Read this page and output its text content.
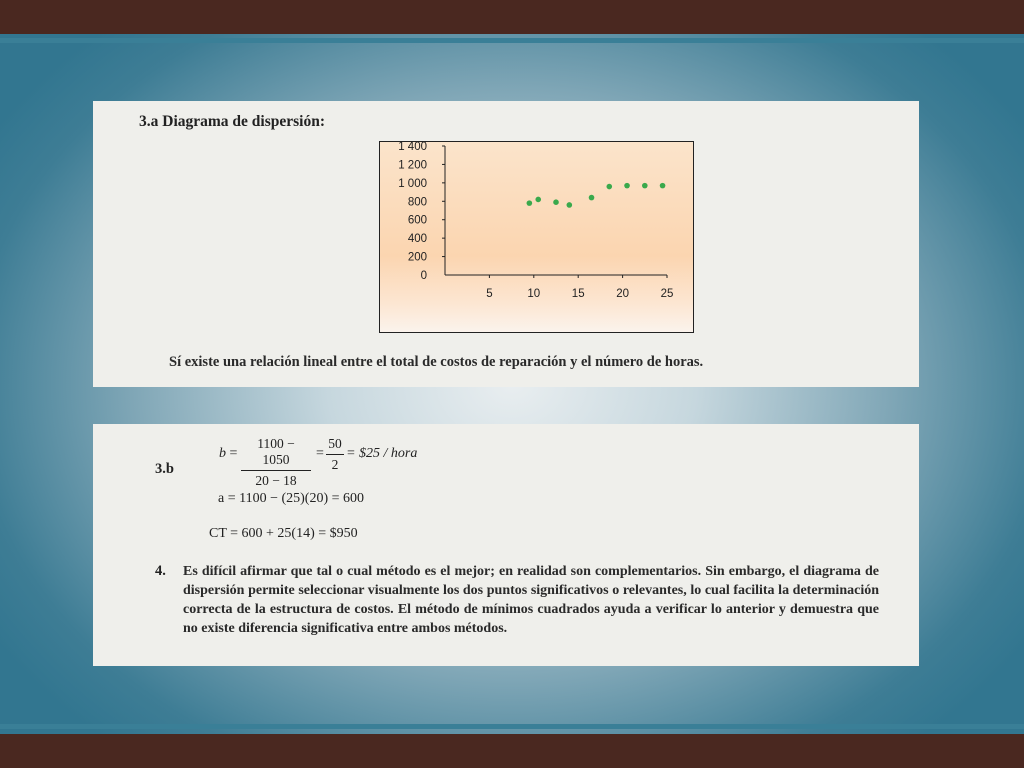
3.a Diagrama de dispersión:
1 400
1 200
1 000
800
600
400
200
0
5	10	15	20	25
Sí existe una relación lineal entre el total de costos de reparación y el número de horas.
3.b
$b = \frac{1100 - 1050}{20 - 18} = \frac{50}{2}$ = $25 / hora
a = 1100 − (25)(20) = 600
CT = 600 + 25(14) = $950
4. Es difícil afirmar que tal o cual método es el mejor; en realidad son complementarios. Sin embargo, el diagrama de dispersión permite seleccionar visualmente los dos puntos significativos o relevantes, lo cual facilita la determinación correcta de la estructura de costos. El método de mínimos cuadrados ayuda a verificar lo anterior y demuestra que no existe diferencia significativa entre ambos métodos.
